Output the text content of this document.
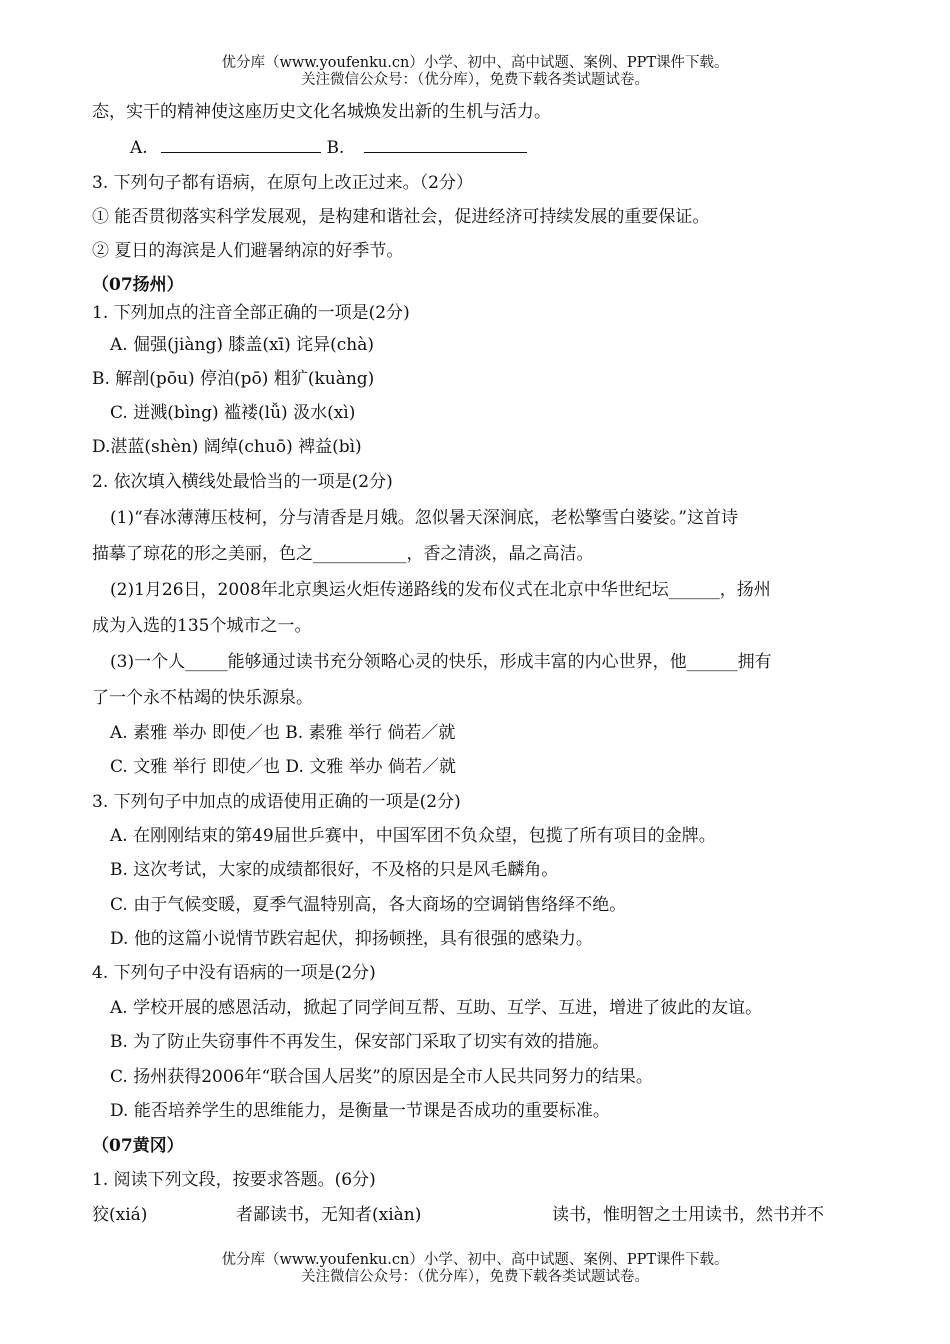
优分库（www.youfenku.cn）小学、初中、高中试题、案例、PPT课件下载。
关注微信公众号：（优分库），免费下载各类试题试卷。
态，实干的精神使这座历史文化名城焕发出新的生机与活力。
A.	B.
3. 下列句子都有语病，在原句上改正过来。（2分）
① 能否贯彻落实科学发展观，是构建和谐社会，促进经济可持续发展的重要保证。
② 夏日的海滨是人们避暑纳凉的好季节。
（07扬州）
1. 下列加点的注音全部正确的一项是(2分)
A. 倔强(jiàng) 膝盖(xī) 诧异(chà)
B. 解剖(pōu) 停泊(pō) 粗犷(kuàng)
C. 迸溅(bìng) 褴褛(lǚ) 汲水(xì)
D.湛蓝(shèn) 阔绰(chuō) 裨益(bì)
2. 依次填入横线处最恰当的一项是(2分)
(1)“春冰薄薄压枝柯，分与清香是月娥。忽似暑天深涧底，老松擎雪白婆娑。”这首诗
描摹了琼花的形之美丽，色之___________，香之清淡，晶之高洁。
(2)1月26日，2008年北京奥运火炬传递路线的发布仪式在北京中华世纪坛______，扬州
成为入选的135个城市之一。
(3)一个人_____能够通过读书充分领略心灵的快乐，形成丰富的内心世界，他______拥有
了一个永不枯竭的快乐源泉。
A. 素雅 举办 即使／也 B. 素雅 举行 倘若／就
C. 文雅 举行 即使／也 D. 文雅 举办 倘若／就
3. 下列句子中加点的成语使用正确的一项是(2分)
A. 在刚刚结束的第49届世乒赛中，中国军团不负众望，包揽了所有项目的金牌。
B. 这次考试，大家的成绩都很好，不及格的只是风毛麟角。
C. 由于气候变暖，夏季气温特别高，各大商场的空调销售络绎不绝。
D. 他的这篇小说情节跌宕起伏，抑扬顿挫，具有很强的感染力。
4. 下列句子中没有语病的一项是(2分)
A. 学校开展的感恩活动，掀起了同学间互帮、互助、互学、互进，增进了彼此的友谊。
B. 为了防止失窃事件不再发生，保安部门采取了切实有效的措施。
C. 扬州获得2006年“联合国人居奖”的原因是全市人民共同努力的结果。
D. 能否培养学生的思维能力，是衡量一节课是否成功的重要标准。
（07黄冈）
1. 阅读下列文段，按要求答题。(6分)
狡(xiá)	者鄙读书，无知者(xiàn)	读书，惟明智之士用读书，然书并不
优分库（www.youfenku.cn）小学、初中、高中试题、案例、PPT课件下载。
关注微信公众号：（优分库），免费下载各类试题试卷。
